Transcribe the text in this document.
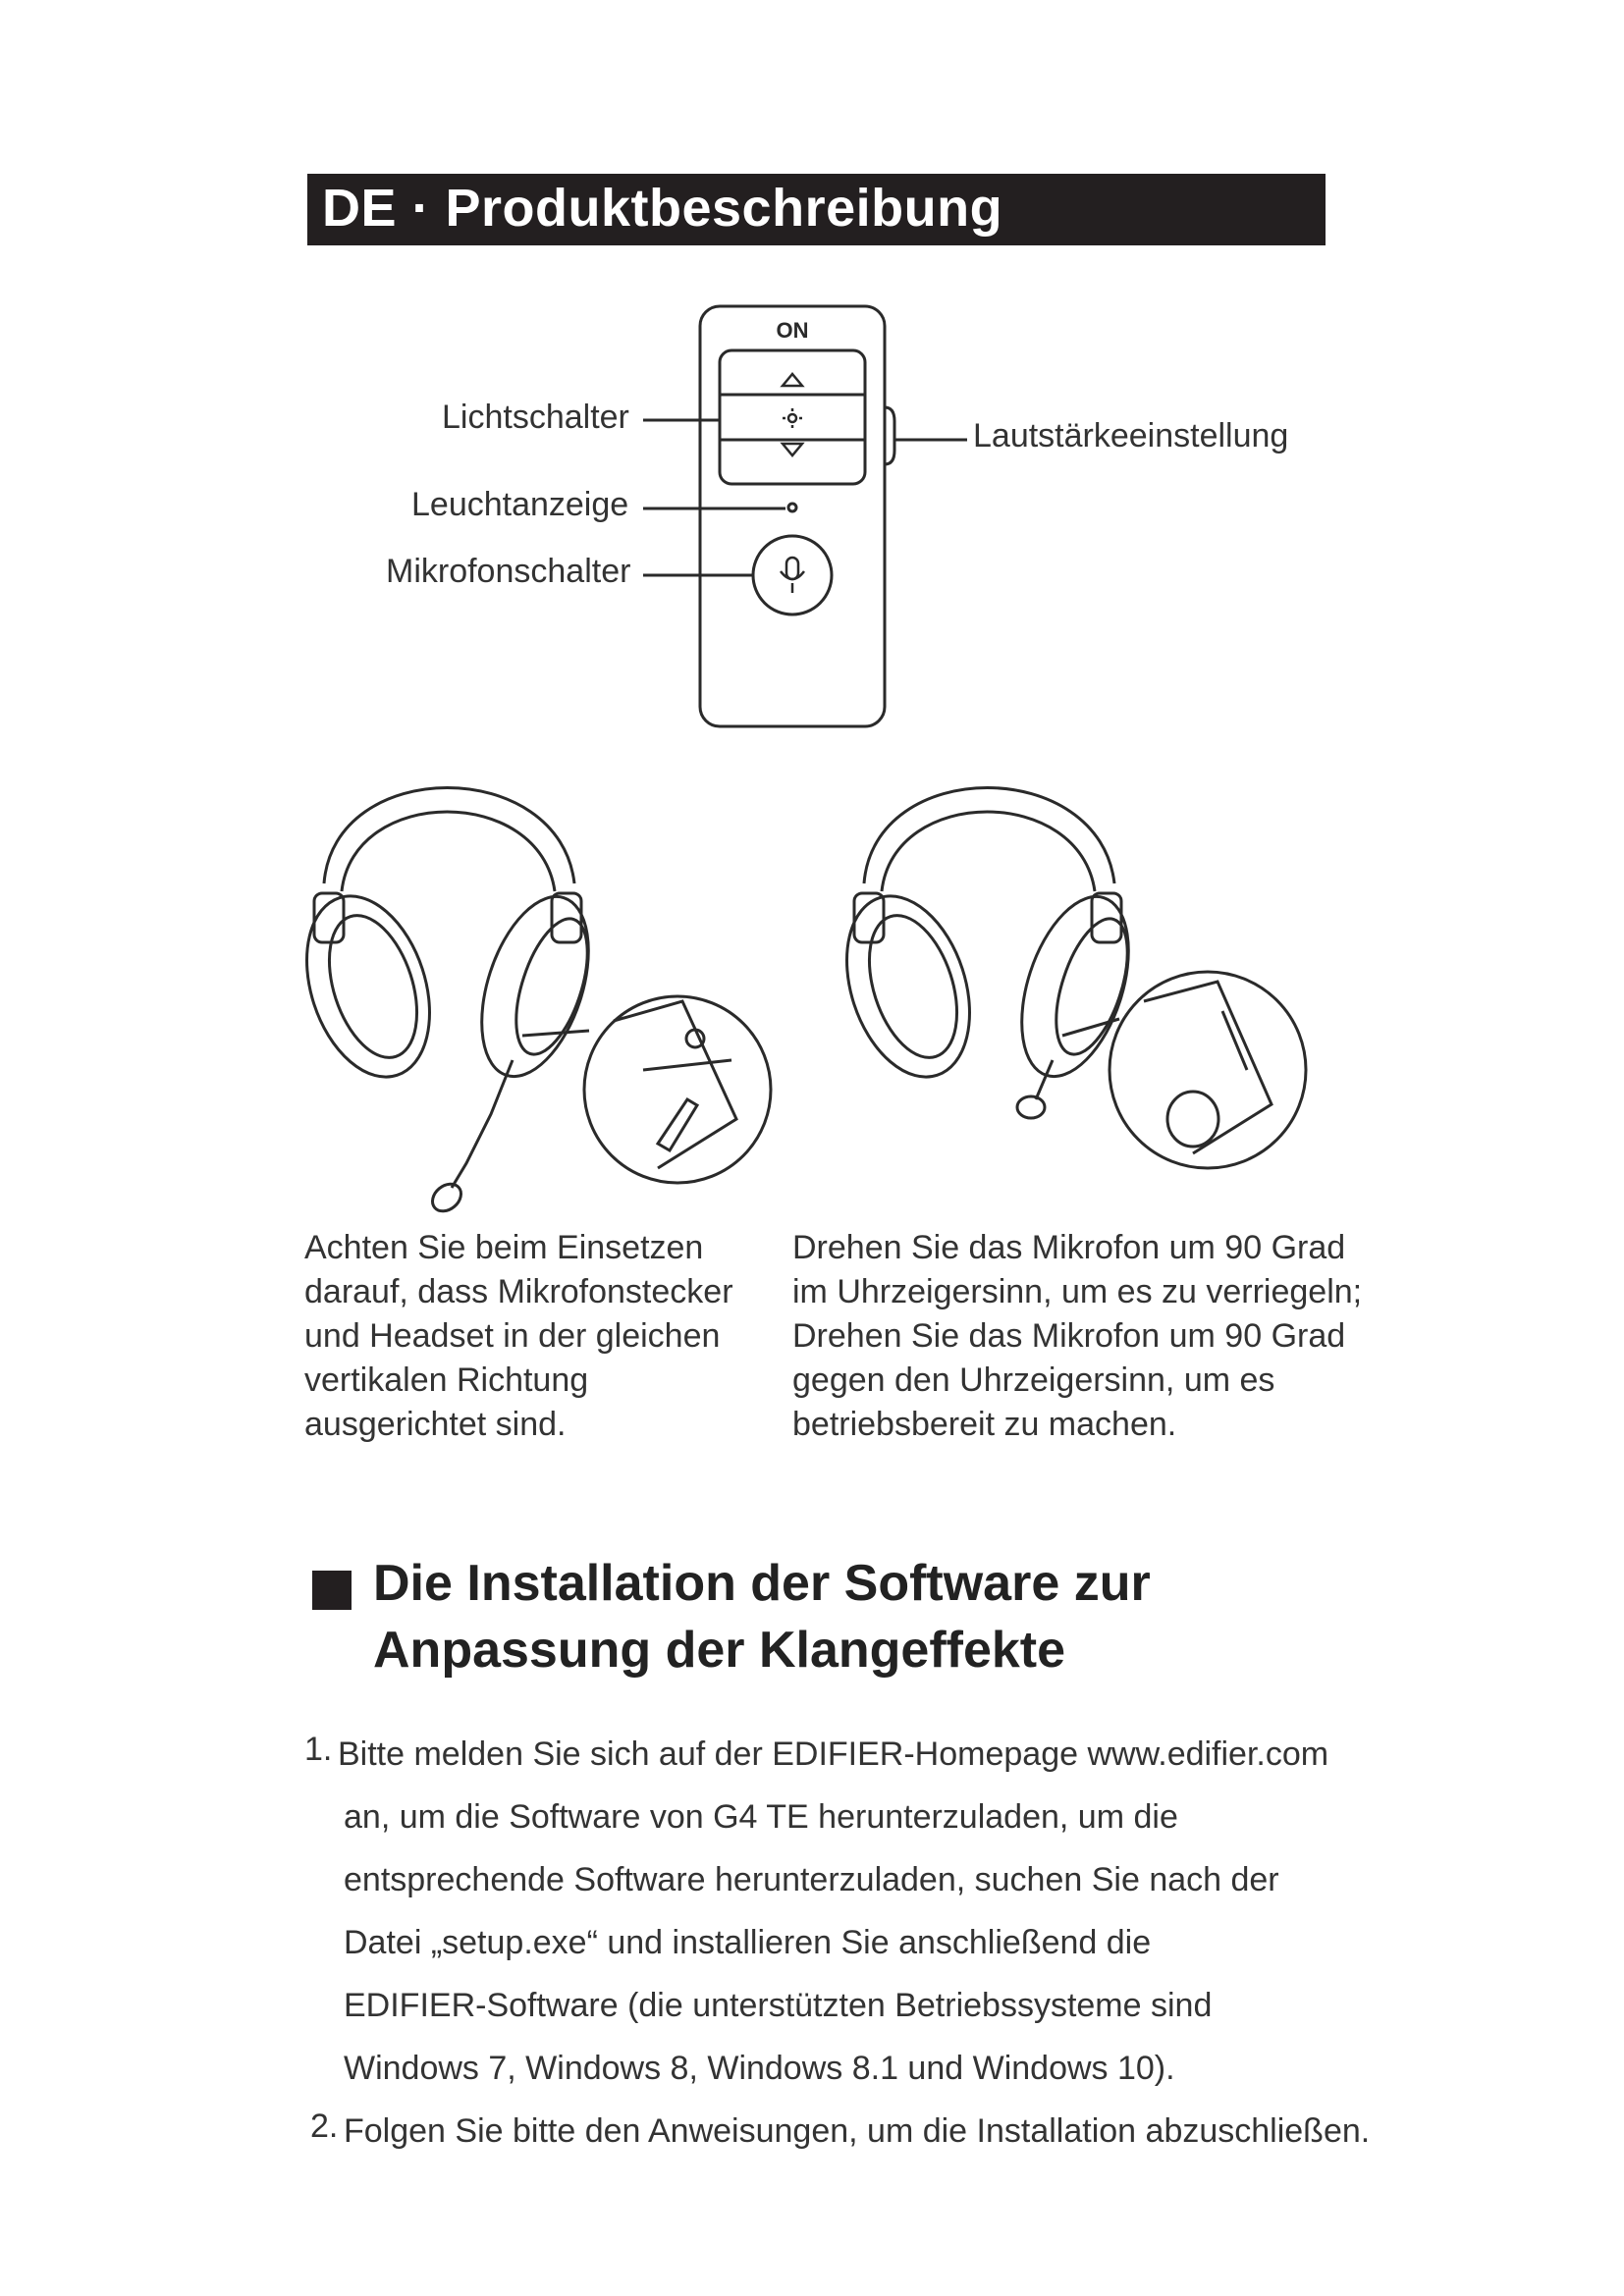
DE · Produktbeschreibung
ON
Lichtschalter
Leuchtanzeige
Mikrofonschalter
Lautstärkeeinstellung

Achten Sie beim Einsetzen

darauf, dass Mikrofonstecker

und Headset in der gleichen

vertikalen Richtung

ausgerichtet sind.

Drehen Sie das Mikrofon um 90 Grad

im Uhrzeigersinn, um es zu verriegeln;

Drehen Sie das Mikrofon um 90 Grad

gegen den Uhrzeigersinn, um es

betriebsbereit zu machen.

Die Installation der Software zur
Anpassung der Klangeffekte
1. Bitte melden Sie sich auf der EDIFIER-Homepage www.edifier.com
an, um die Software von G4 TE herunterzuladen, um die
entsprechende Software herunterzuladen, suchen Sie nach der
Datei „setup.exe“ und installieren Sie anschließend die
EDIFIER-Software (die unterstützten Betriebssysteme sind
Windows 7, Windows 8, Windows 8.1 und Windows 10).
2. Folgen Sie bitte den Anweisungen, um die Installation abzuschließen.
